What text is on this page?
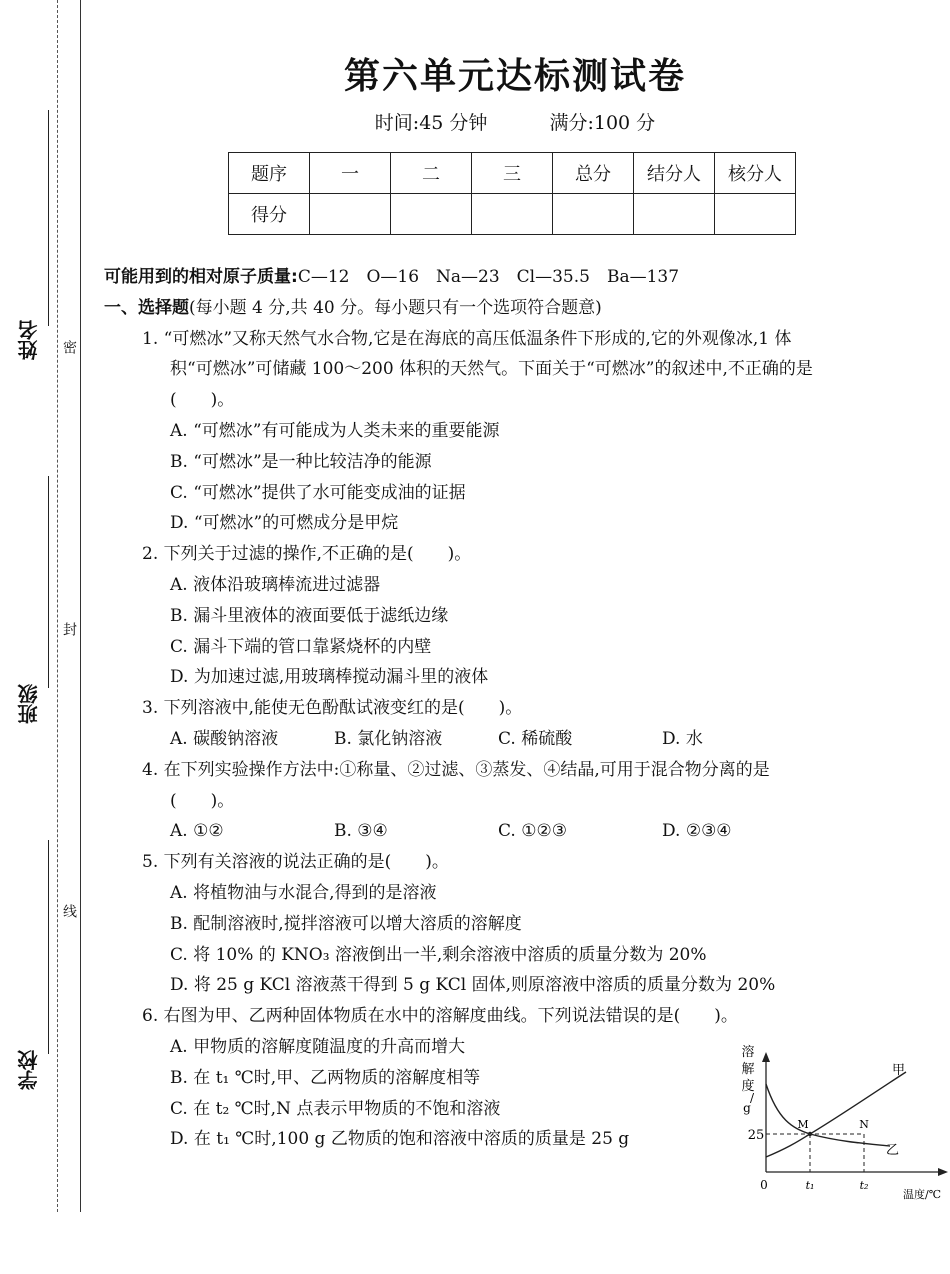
姓名
班级
学校
密
封
线
第六单元达标测试卷
时间:45 分钟	满分:100 分
题序	一	二	三	总分	结分人	核分人
得分						
可能用到的相对原子质量:C—12　O—16　Na—23　Cl—35.5　Ba—137
一、选择题(每小题 4 分,共 40 分。每小题只有一个选项符合题意)
1. “可燃冰”又称天然气水合物,它是在海底的高压低温条件下形成的,它的外观像冰,1 体
积“可燃冰”可储藏 100～200 体积的天然气。下面关于“可燃冰”的叙述中,不正确的是
(　　)。
A. “可燃冰”有可能成为人类未来的重要能源
B. “可燃冰”是一种比较洁净的能源
C. “可燃冰”提供了水可能变成油的证据
D. “可燃冰”的可燃成分是甲烷
2. 下列关于过滤的操作,不正确的是(　　)。
A. 液体沿玻璃棒流进过滤器
B. 漏斗里液体的液面要低于滤纸边缘
C. 漏斗下端的管口靠紧烧杯的内壁
D. 为加速过滤,用玻璃棒搅动漏斗里的液体
3. 下列溶液中,能使无色酚酞试液变红的是(　　)。
A. 碳酸钠溶液	B. 氯化钠溶液	C. 稀硫酸	D. 水
4. 在下列实验操作方法中:①称量、②过滤、③蒸发、④结晶,可用于混合物分离的是
(　　)。
A. ①②	B. ③④	C. ①②③	D. ②③④
5. 下列有关溶液的说法正确的是(　　)。
A. 将植物油与水混合,得到的是溶液
B. 配制溶液时,搅拌溶液可以增大溶质的溶解度
C. 将 10% 的 KNO₃ 溶液倒出一半,剩余溶液中溶质的质量分数为 20%
D. 将 25 g KCl 溶液蒸干得到 5 g KCl 固体,则原溶液中溶质的质量分数为 20%
6. 右图为甲、乙两种固体物质在水中的溶解度曲线。下列说法错误的是(　　)。
A. 甲物质的溶解度随温度的升高而增大
B. 在 t₁ ℃时,甲、乙两物质的溶解度相等
C. 在 t₂ ℃时,N 点表示甲物质的不饱和溶液
D. 在 t₁ ℃时,100 g 乙物质的饱和溶液中溶质的质量是 25 g
溶
解
度
/
g
0
25
t₁	t₂
温度/℃
M	N
甲
乙
